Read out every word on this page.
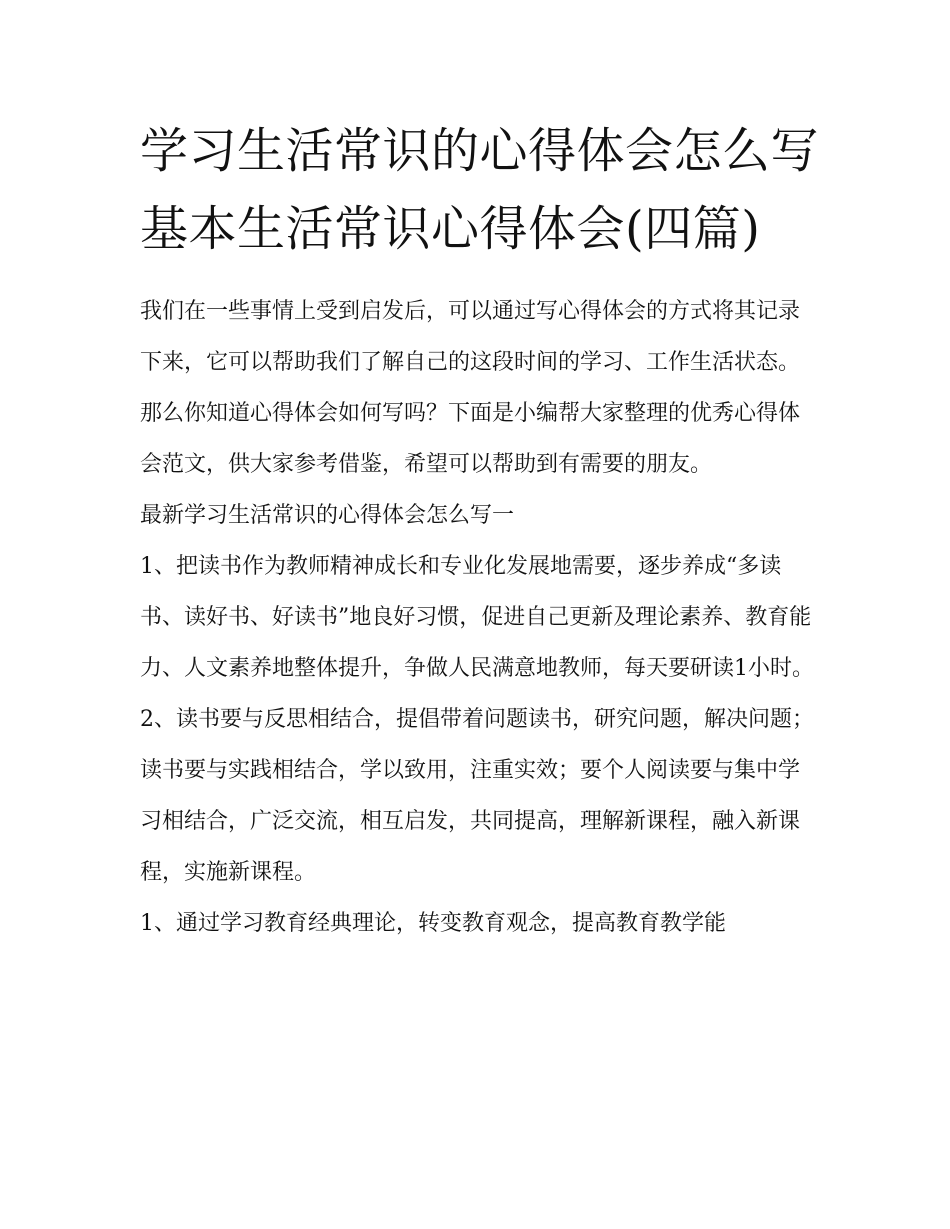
学习生活常识的心得体会怎么写 基本生活常识心得体会(四篇)

我们在一些事情上受到启发后，可以通过写心得体会的方式将其记录下来，它可以帮助我们了解自己的这段时间的学习、工作生活状态。那么你知道心得体会如何写吗？下面是小编帮大家整理的优秀心得体会范文，供大家参考借鉴，希望可以帮助到有需要的朋友。

最新学习生活常识的心得体会怎么写一

1、把读书作为教师精神成长和专业化发展地需要，逐步养成“多读书、读好书、好读书”地良好习惯，促进自己更新及理论素养、教育能力、人文素养地整体提升，争做人民满意地教师，每天要研读1小时。

2、读书要与反思相结合，提倡带着问题读书，研究问题，解决问题；读书要与实践相结合，学以致用，注重实效；要个人阅读要与集中学习相结合，广泛交流，相互启发，共同提高，理解新课程，融入新课程，实施新课程。

1、通过学习教育经典理论，转变教育观念，提高教育教学能
